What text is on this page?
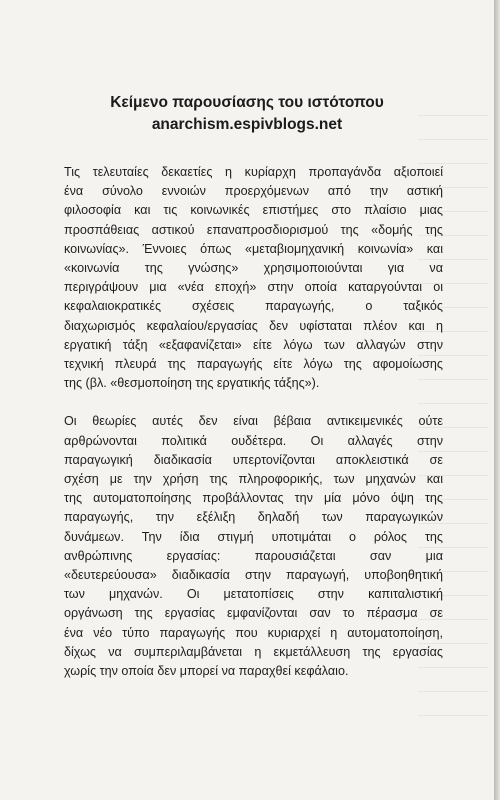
Κείμενο παρουσίασης του ιστότοπου

anarchism.espivblogs.net

Τις τελευταίες δεκαετίες η κυρίαρχη προπαγάνδα αξιοποιεί
ένα σύνολο εννοιών προερχόμενων από την αστική
φιλοσοφία και τις κοινωνικές επιστήμες στο πλαίσιο μιας
προσπάθειας αστικού επαναπροσδιορισμού της «δομής της
κοινωνίας». Έννοιες όπως «μεταβιομηχανική κοινωνία» και
«κοινωνία της γνώσης» χρησιμοποιούνται για να
περιγράψουν μια «νέα εποχή» στην οποία καταργούνται οι
κεφαλαιοκρατικές σχέσεις παραγωγής, ο ταξικός
διαχωρισμός κεφαλαίου/εργασίας δεν υφίσταται πλέον και η
εργατική τάξη «εξαφανίζεται» είτε λόγω των αλλαγών στην
τεχνική πλευρά της παραγωγής είτε λόγω της αφομοίωσης
της (βλ. «θεσμοποίηση της εργατικής τάξης»).

Οι θεωρίες αυτές δεν είναι βέβαια αντικειμενικές ούτε
αρθρώνονται πολιτικά ουδέτερα. Οι αλλαγές στην
παραγωγική διαδικασία υπερτονίζονται αποκλειστικά σε
σχέση με την χρήση της πληροφορικής, των μηχανών και
της αυτοματοποίησης προβάλλοντας την μία μόνο όψη της
παραγωγής, την εξέλιξη δηλαδή των παραγωγικών
δυνάμεων. Την ίδια στιγμή υποτιμάται ο ρόλος της
ανθρώπινης εργασίας: παρουσιάζεται σαν μια
«δευτερεύουσα» διαδικασία στην παραγωγή, υποβοηθητική
των μηχανών. Οι μετατοπίσεις στην καπιταλιστική
οργάνωση της εργασίας εμφανίζονται σαν το πέρασμα σε
ένα νέο τύπο παραγωγής που κυριαρχεί η αυτοματοποίηση,
δίχως να συμπεριλαμβάνεται η εκμετάλλευση της εργασίας
χωρίς την οποία δεν μπορεί να παραχθεί κεφάλαιο.
